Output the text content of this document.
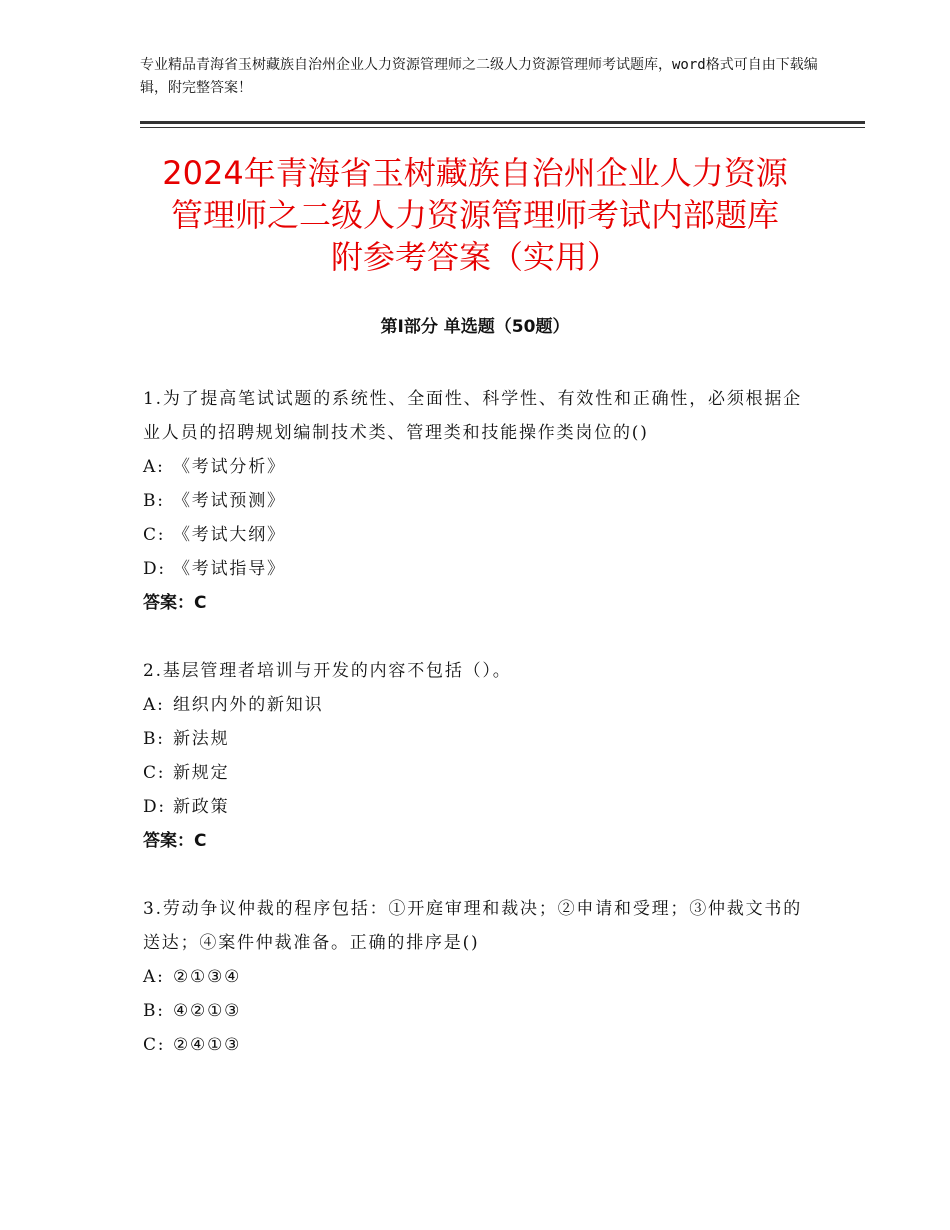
专业精品青海省玉树藏族自治州企业人力资源管理师之二级人力资源管理师考试题库，word格式可自由下载编辑，附完整答案！
2024年青海省玉树藏族自治州企业人力资源
管理师之二级人力资源管理师考试内部题库
附参考答案（实用）
第Ⅰ部分 单选题（50题）
1.为了提高笔试试题的系统性、全面性、科学性、有效性和正确性，必须根据企业人员的招聘规划编制技术类、管理类和技能操作类岗位的()
A: 《考试分析》
B: 《考试预测》
C: 《考试大纲》
D: 《考试指导》
答案：C
2.基层管理者培训与开发的内容不包括（）。
A: 组织内外的新知识
B: 新法规
C: 新规定
D: 新政策
答案：C
3.劳动争议仲裁的程序包括：①开庭审理和裁决；②申请和受理；③仲裁文书的送达；④案件仲裁准备。正确的排序是()
A: ②①③④
B: ④②①③
C: ②④①③
